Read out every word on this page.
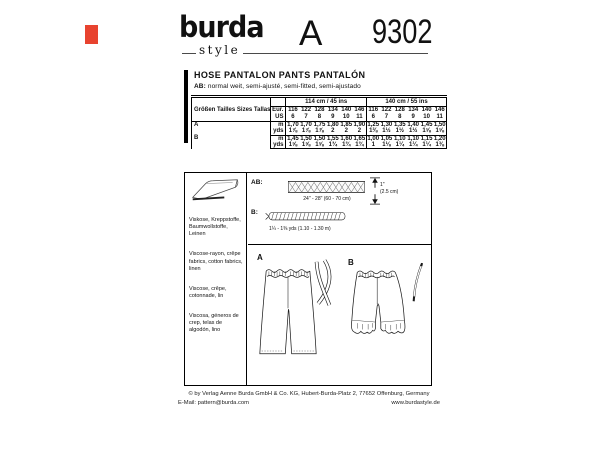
burda
style A 9302
HOSE PANTALON PANTS PANTALÓN
AB: normal weit, semi-ajusté, semi-fitted, semi-ajustado
		114 cm / 45 ins						140 cm / 55 ins					
Größen Tailles Sizes Tallas	Eur.	116	122	128	134	140	146	116	122	128	134	140	146
	US	6	7	8	9	10	11	6	7	8	9	10	11
A	m	1,70	1,70	1,75	1,80	1,85	1,90	1,25	1,30	1,35	1,40	1,45	1,50
	yds	1⅞	1⅞	1⅞	2	2	2	1⅜	1½	1½	1½	1⅝	1⅝
B	m	1,45	1,50	1,50	1,55	1,60	1,65	1,00	1,05	1,10	1,10	1,15	1,20
	yds	1⅝	1⅝	1⅝	1¾	1¾	1¾	1	1⅛	1¼	1¼	1¼	1⅜

Viskose, Kreppstoffe, Baumwollstoffe, Leinen

Viscose-rayon, crêpe fabrics, cotton fabrics, linen

Viscose, crêpe, cotonnade, lin

Viscosa, géneros de crep, telas de algodón, lino

AB:
24" - 28" (60 - 70 cm)
1"
(2.5 cm)
B:
1¼ - 1⅜ yds (1.10 - 1.30 m)
A
B
© by Verlag Aenne Burda GmbH & Co. KG, Hubert-Burda-Platz 2, 77652 Offenburg, Germany
E-Mail: pattern@burda.com	www.burdastyle.de
